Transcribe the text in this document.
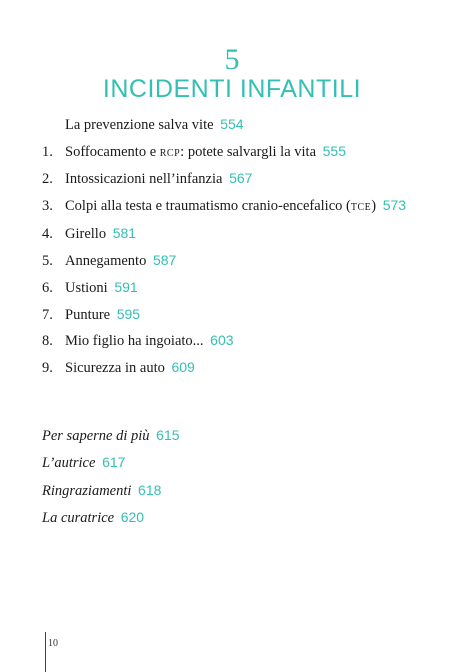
5
INCIDENTI INFANTILI
La prevenzione salva vite 554
1. Soffocamento e rcp: potete salvargli la vita 555
2. Intossicazioni nell’infanzia 567
3. Colpi alla testa e traumatismo cranio-encefalico (tce) 573
4. Girello 581
5. Annegamento 587
6. Ustioni 591
7. Punture 595
8. Mio figlio ha ingoiato... 603
9. Sicurezza in auto 609
Per saperne di più 615
L’autrice 617
Ringraziamenti 618
La curatrice 620
10
